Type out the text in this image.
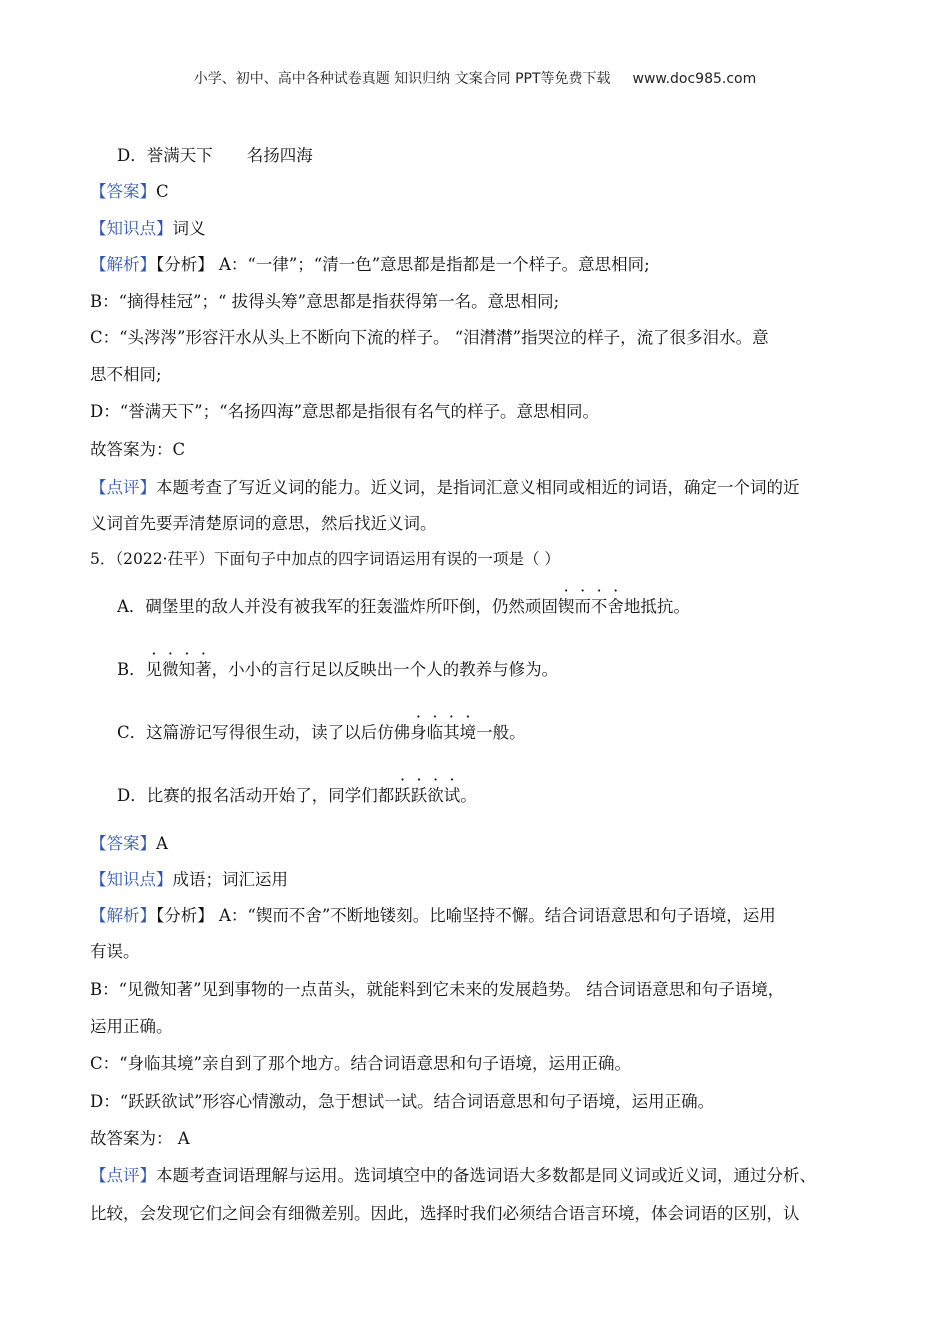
小学、初中、高中各种试卷真题 知识归纳 文案合同 PPT等免费下载 www.doc985.com
D．誉满天下 名扬四海
【答案】C
【知识点】词义
【解析】【分析】 A：“一律”；“清一色”意思都是指都是一个样子。意思相同;
B：“摘得桂冠”；“ 拔得头筹”意思都是指获得第一名。意思相同;
C：“头涔涔”形容汗水从头上不断向下流的样子。 “泪潸潸”指哭泣的样子，流了很多泪水。意
思不相同;
D：“誉满天下”；“名扬四海”意思都是指很有名气的样子。意思相同。
故答案为：C
【点评】本题考查了写近义词的能力。近义词，是指词汇意义相同或相近的词语，确定一个词的近
义词首先要弄清楚原词的意思，然后找近义词。
5．（2022·茌平）下面句子中加点的四字词语运用有误的一项是（ ）
A．碉堡里的敌人并没有被我军的狂轰滥炸所吓倒，仍然顽固锲而不舍地抵抗。
B．见微知著，小小的言行足以反映出一个人的教养与修为。
C．这篇游记写得很生动，读了以后仿佛身临其境一般。
D．比赛的报名活动开始了，同学们都跃跃欲试。
【答案】A
【知识点】成语；词汇运用
【解析】【分析】 A：“锲而不舍”不断地镂刻。比喻坚持不懈。结合词语意思和句子语境，运用
有误。
B：“见微知著”见到事物的一点苗头，就能料到它未来的发展趋势。 结合词语意思和句子语境，
运用正确。
C：“身临其境”亲自到了那个地方。结合词语意思和句子语境，运用正确。
D：“跃跃欲试”形容心情激动，急于想试一试。结合词语意思和句子语境，运用正确。
故答案为： A
【点评】本题考查词语理解与运用。选词填空中的备选词语大多数都是同义词或近义词，通过分析、
比较，会发现它们之间会有细微差别。因此，选择时我们必须结合语言环境，体会词语的区别，认
